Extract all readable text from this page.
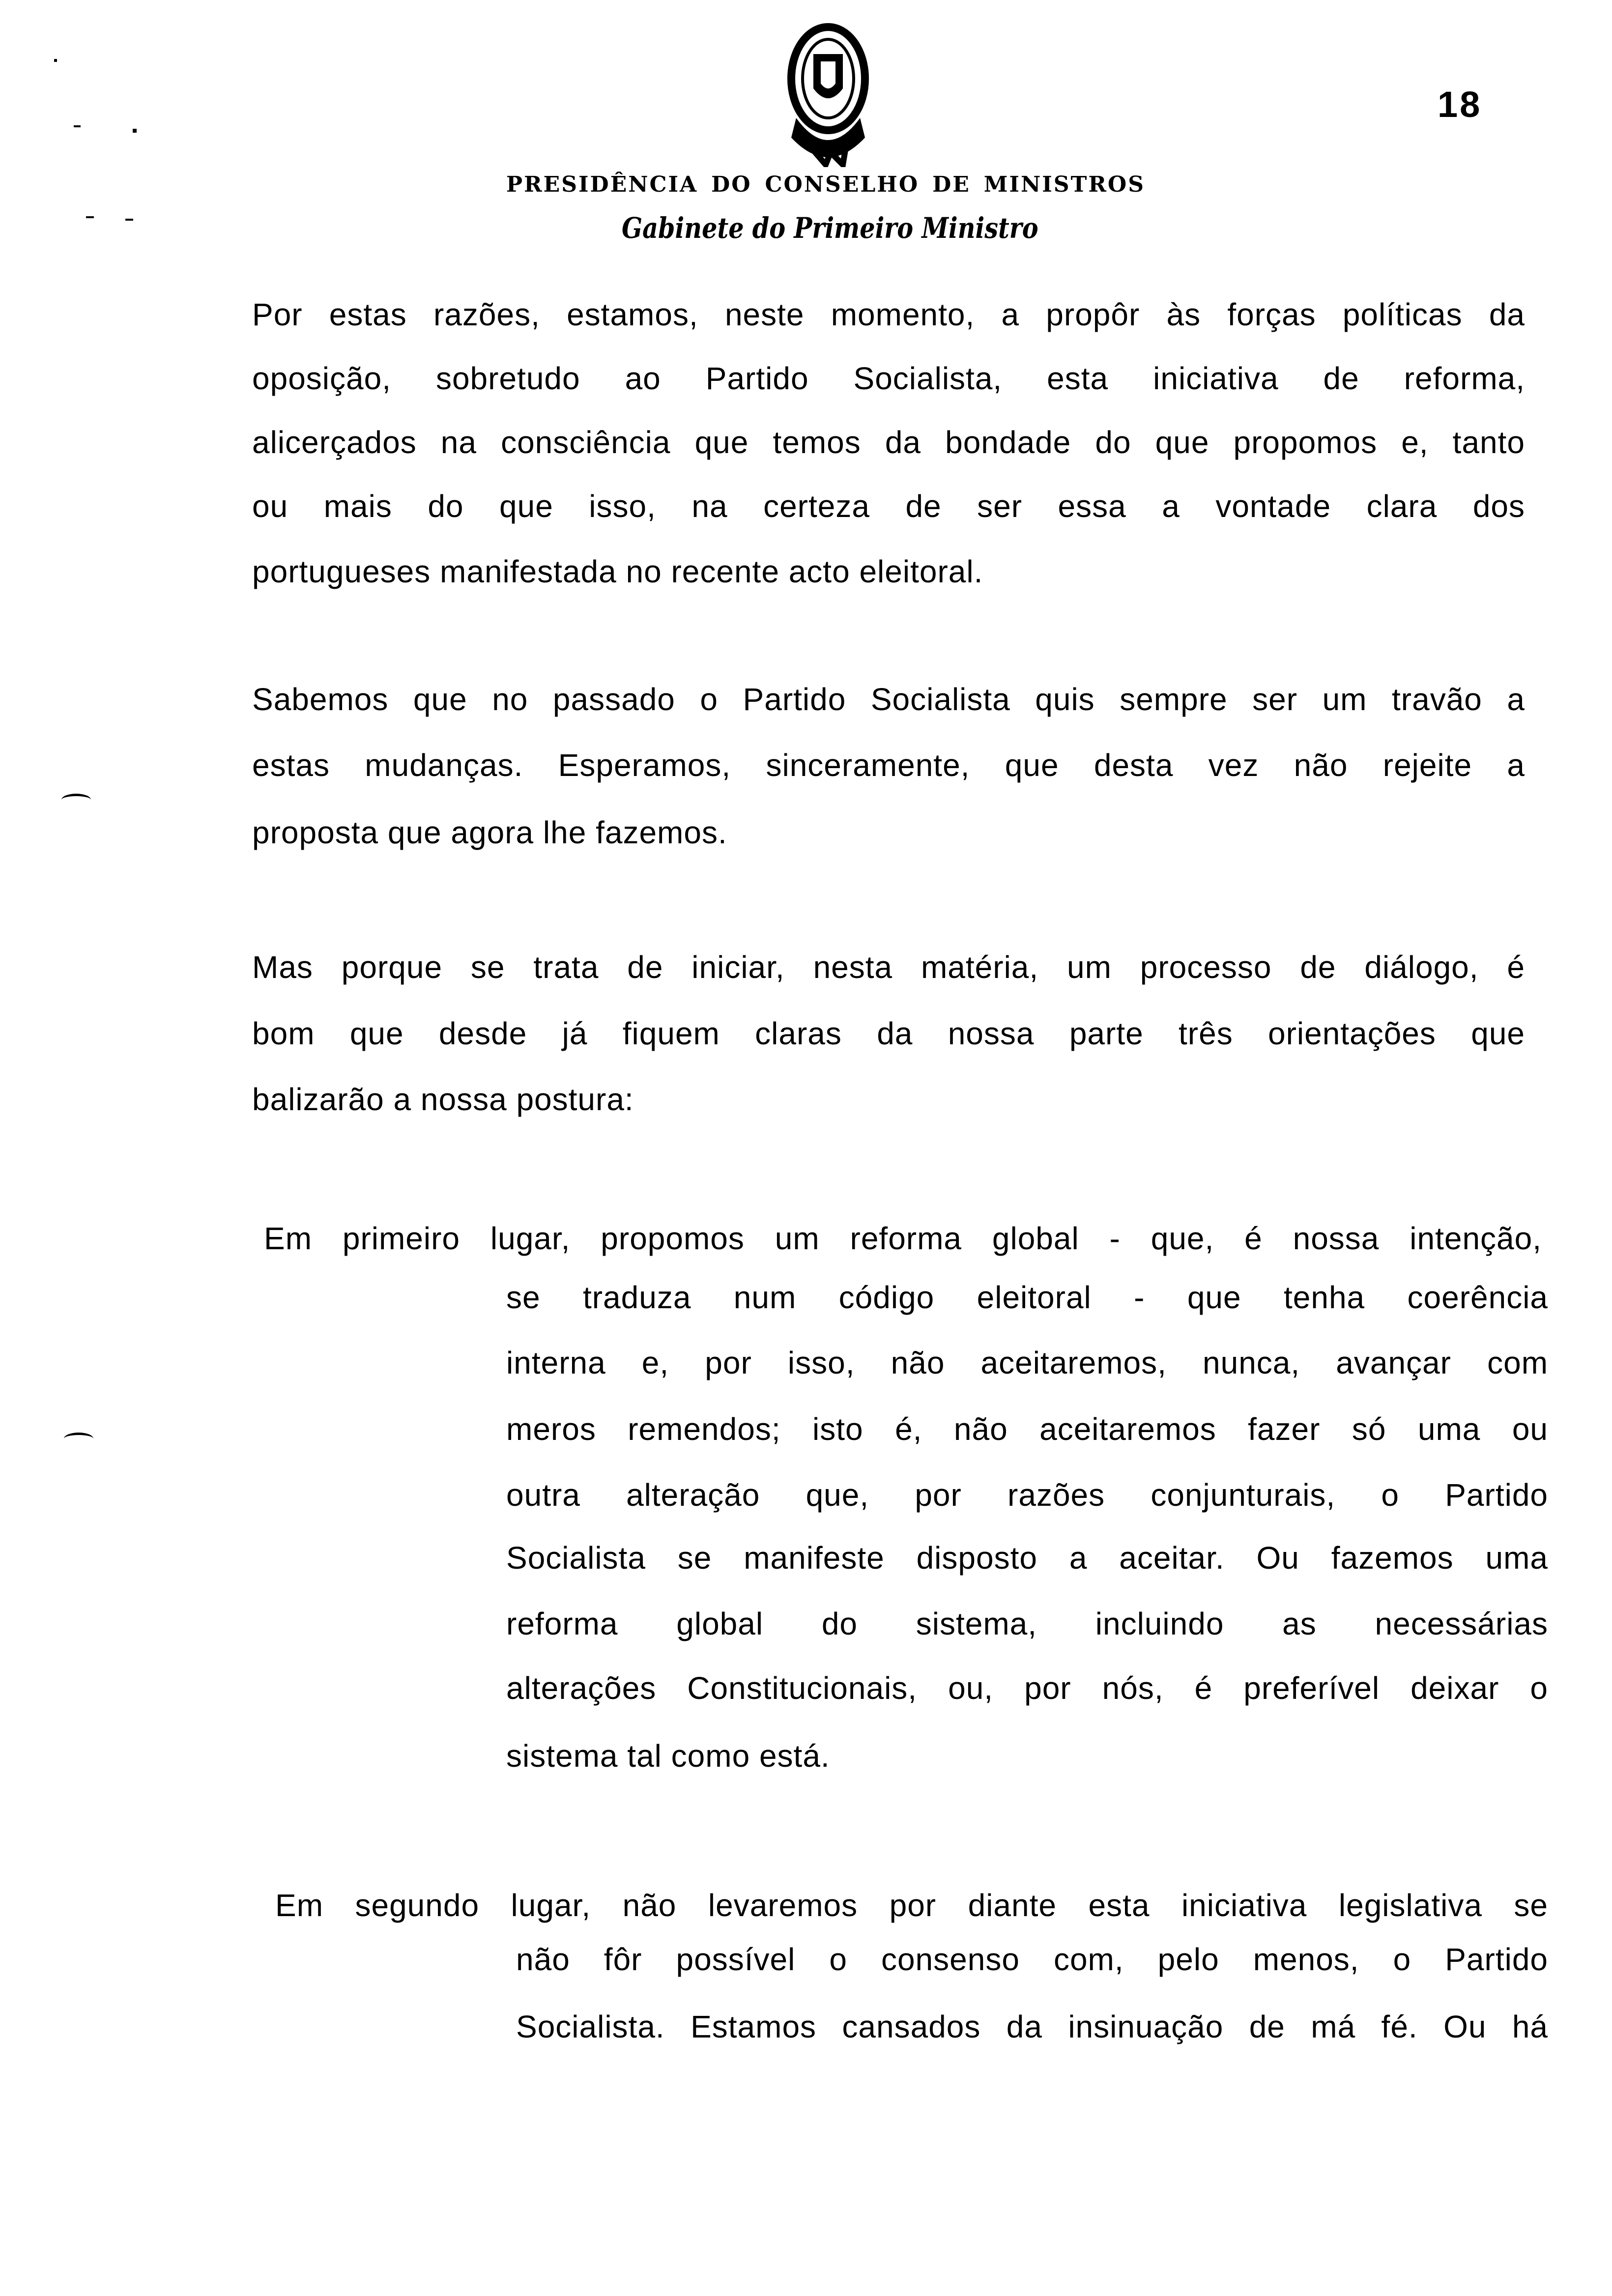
18
PRESIDÊNCIA DO CONSELHO DE MINISTROS
Gabinete do Primeiro Ministro
Por estas razões, estamos, neste momento, a propôr às forças políticas da
oposição, sobretudo ao Partido Socialista, esta iniciativa de reforma,
alicerçados na consciência que temos da bondade do que propomos e, tanto
ou mais do que isso, na certeza de ser essa a vontade clara dos
portugueses manifestada no recente acto eleitoral.
Sabemos que no passado o Partido Socialista quis sempre ser um travão a
estas mudanças. Esperamos, sinceramente, que desta vez não rejeite a
proposta que agora lhe fazemos.
Mas porque se trata de iniciar, nesta matéria, um processo de diálogo, é
bom que desde já fiquem claras da nossa parte três orientações que
balizarão a nossa postura:
Em primeiro lugar, propomos um reforma global - que, é nossa intenção,
se traduza num código eleitoral - que tenha coerência
interna e, por isso, não aceitaremos, nunca, avançar com
meros remendos; isto é, não aceitaremos fazer só uma ou
outra alteração que, por razões conjunturais, o Partido
Socialista se manifeste disposto a aceitar. Ou fazemos uma
reforma global do sistema, incluindo as necessárias
alterações Constitucionais, ou, por nós, é preferível deixar o
sistema tal como está.
Em segundo lugar, não levaremos por diante esta iniciativa legislativa se
não fôr possível o consenso com, pelo menos, o Partido
Socialista. Estamos cansados da insinuação de má fé. Ou há
